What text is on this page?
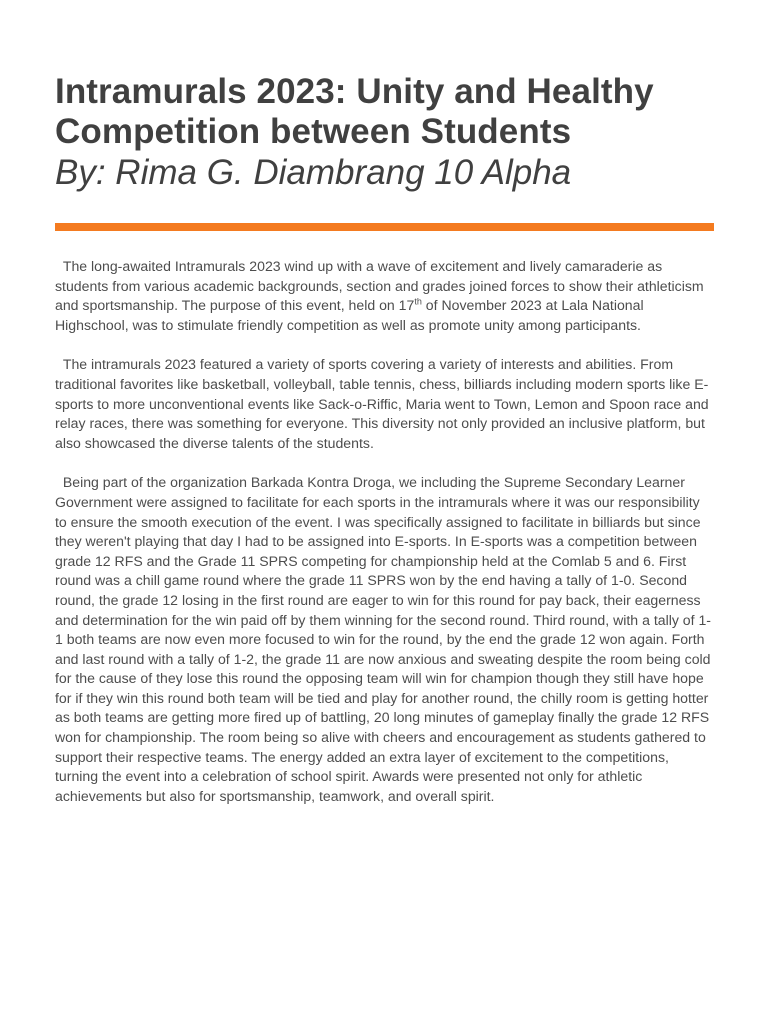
Intramurals 2023: Unity and Healthy Competition between Students
By: Rima G. Diambrang 10 Alpha

The long-awaited Intramurals 2023 wind up with a wave of excitement and lively camaraderie as students from various academic backgrounds, section and grades joined forces to show their athleticism and sportsmanship. The purpose of this event, held on 17th of November 2023 at Lala National Highschool, was to stimulate friendly competition as well as promote unity among participants.

The intramurals 2023 featured a variety of sports covering a variety of interests and abilities. From traditional favorites like basketball, volleyball, table tennis, chess, billiards including modern sports like E-sports to more unconventional events like Sack-o-Riffic, Maria went to Town, Lemon and Spoon race and relay races, there was something for everyone. This diversity not only provided an inclusive platform, but also showcased the diverse talents of the students.

Being part of the organization Barkada Kontra Droga, we including the Supreme Secondary Learner Government were assigned to facilitate for each sports in the intramurals where it was our responsibility to ensure the smooth execution of the event. I was specifically assigned to facilitate in billiards but since they weren't playing that day I had to be assigned into E-sports. In E-sports was a competition between grade 12 RFS and the Grade 11 SPRS competing for championship held at the Comlab 5 and 6. First round was a chill game round where the grade 11 SPRS won by the end having a tally of 1-0. Second round, the grade 12 losing in the first round are eager to win for this round for pay back, their eagerness and determination for the win paid off by them winning for the second round. Third round, with a tally of 1-1 both teams are now even more focused to win for the round, by the end the grade 12 won again. Forth and last round with a tally of 1-2, the grade 11 are now anxious and sweating despite the room being cold for the cause of they lose this round the opposing team will win for champion though they still have hope for if they win this round both team will be tied and play for another round, the chilly room is getting hotter as both teams are getting more fired up of battling, 20 long minutes of gameplay finally the grade 12 RFS won for championship. The room being so alive with cheers and encouragement as students gathered to support their respective teams. The energy added an extra layer of excitement to the competitions, turning the event into a celebration of school spirit. Awards were presented not only for athletic achievements but also for sportsmanship, teamwork, and overall spirit.
